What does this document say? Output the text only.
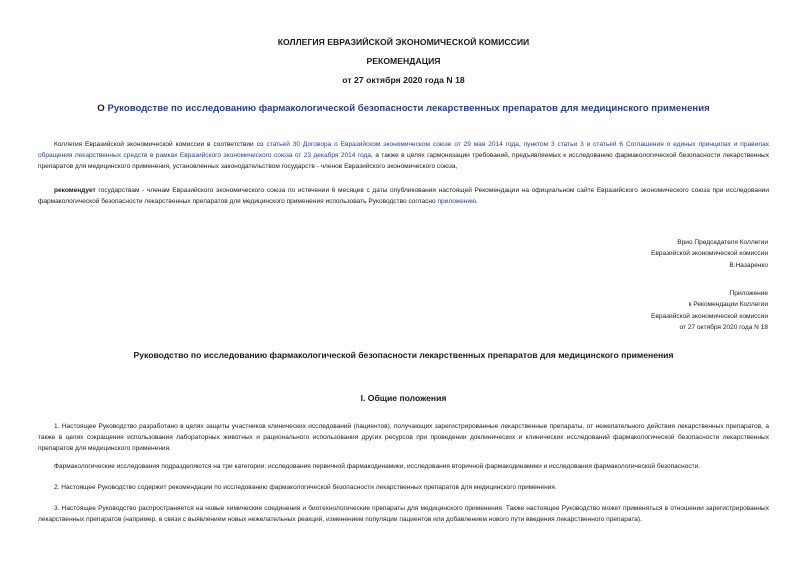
КОЛЛЕГИЯ ЕВРАЗИЙСКОЙ ЭКОНОМИЧЕСКОЙ КОМИССИИ
РЕКОМЕНДАЦИЯ
от 27 октября 2020 года N 18
О Руководстве по исследованию фармакологической безопасности лекарственных препаратов для медицинского применения

Коллегия Евразийской экономической комиссии в соответствии со статьей 30 Договора о Евразийском экономическом союзе от 29 мая 2014 года, пунктом 3 статьи 3 и статьей 6 Соглашения о единых принципах и правилах обращения лекарственных средств в рамках Евразийского экономического союза от 23 декабря 2014 года, а также в целях гармонизации требований, предъявляемых к исследованию фармакологической безопасности лекарственных препаратов для медицинского применения, установленных законодательством государств - членов Евразийского экономического союза,

рекомендует государствам - членам Евразийского экономического союза по истечении 6 месяцев с даты опубликования настоящей Рекомендации на официальном сайте Евразийского экономического союза при исследовании фармакологической безопасности лекарственных препаратов для медицинского применения использовать Руководство согласно приложению.

Врио Председателя Коллегии
Евразийской экономической комиссии
В.Назаренко
Приложение
к Рекомендации Коллегии
Евразийской экономической комиссии
от 27 октября 2020 года N 18
Руководство по исследованию фармакологической безопасности лекарственных препаратов для медицинского применения
I. Общие положения

1. Настоящее Руководство разработано в целях защиты участников клинических исследований (пациентов), получающих зарегистрированные лекарственные препараты, от нежелательного действия лекарственных препаратов, а также в целях сокращения использования лабораторных животных и рационального использования других ресурсов при проведении доклинических и клинических исследований фармакологической безопасности лекарственных препаратов для медицинского применения.

Фармакологические исследования подразделяются на три категории: исследования первичной фармакодинамики, исследования вторичной фармакодинамики и исследования фармакологической безопасности.

2. Настоящее Руководство содержит рекомендации по исследованию фармакологической безопасности лекарственных препаратов для медицинского применения.

3. Настоящее Руководство распространяется на новые химические соединения и биотехнологические препараты для медицинского применения. Также настоящее Руководство может применяться в отношении зарегистрированных лекарственных препаратов (например, в связи с выявлением новых нежелательных реакций, изменением популяции пациентов или добавлением нового пути введения лекарственного препарата).
